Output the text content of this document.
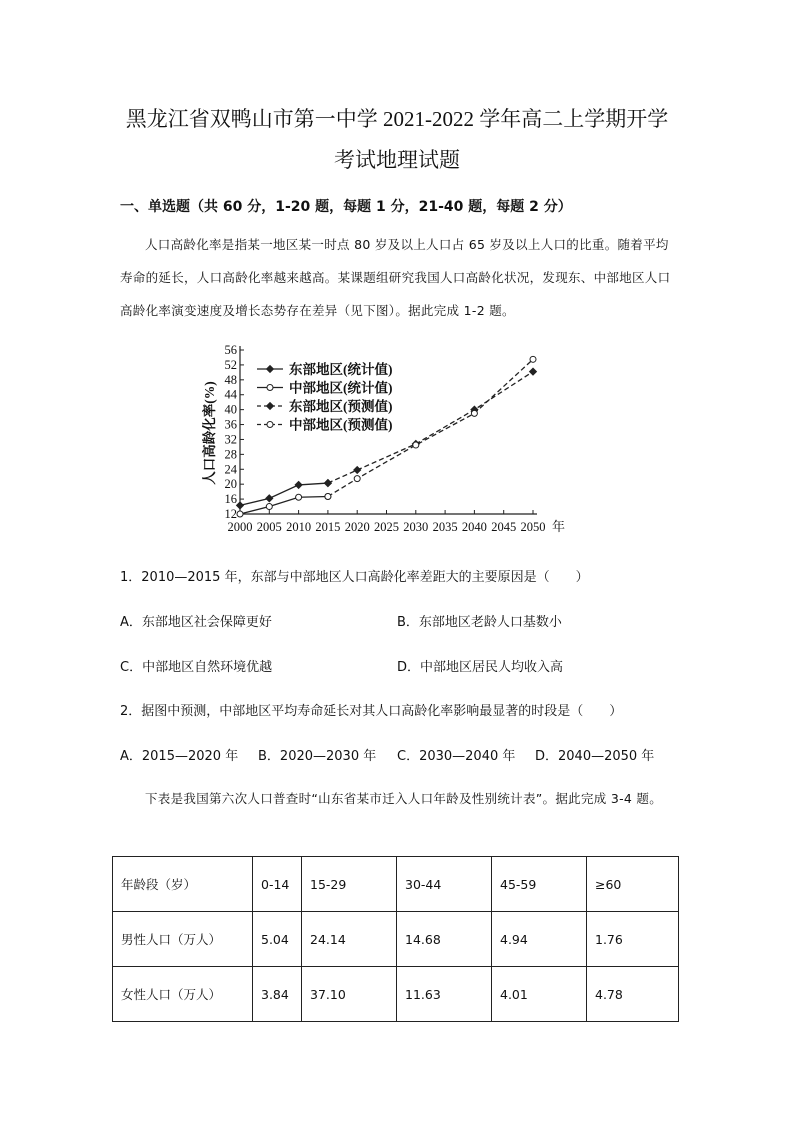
黑龙江省双鸭山市第一中学 2021-2022 学年高二上学期开学
考试地理试题
一、单选题（共 60 分，1-20 题，每题 1 分，21-40 题，每题 2 分）
人口高龄化率是指某一地区某一时点 80 岁及以上人口占 65 岁及以上人口的比重。随着平均寿命的延长，人口高龄化率越来越高。某课题组研究我国人口高龄化状况，发现东、中部地区人口高龄化率演变速度及增长态势存在差异（见下图）。据此完成 1-2 题。
12
16
20
24
28
32
36
40
44
48
52
56
2000 2005 2010 2015 2020 2025 2030 2035 2040 2045 2050 年
人口高龄化率(%)
东部地区(统计值)
中部地区(统计值)
东部地区(预测值)
中部地区(预测值)
1．2010—2015 年，东部与中部地区人口高龄化率差距大的主要原因是（　　）
A．东部地区社会保障更好	B．东部地区老龄人口基数小
C．中部地区自然环境优越	D．中部地区居民人均收入高
2．据图中预测，中部地区平均寿命延长对其人口高龄化率影响最显著的时段是（　　）
A．2015—2020 年 B．2020—2030 年 C．2030—2040 年 D．2040—2050 年
下表是我国第六次人口普查时“山东省某市迁入人口年龄及性别统计表”。据此完成 3-4 题。
年龄段（岁）	0-14	15-29	30-44	45-59	≥60
男性人口（万人）	5.04	24.14	14.68	4.94	1.76
女性人口（万人）	3.84	37.10	11.63	4.01	4.78
